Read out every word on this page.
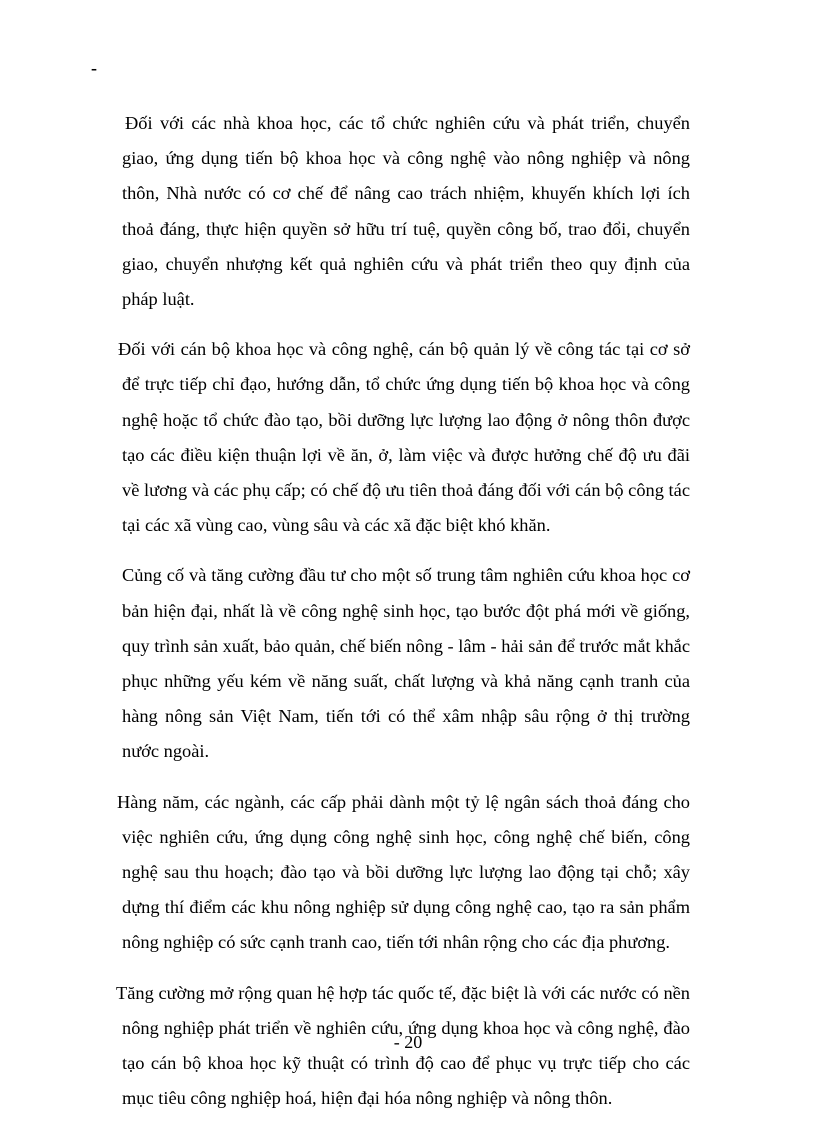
-

Đối với các nhà khoa học, các tổ chức nghiên cứu và phát triển, chuyển giao, ứng dụng tiến bộ khoa học và công nghệ vào nông nghiệp và nông thôn, Nhà nước có cơ chế để nâng cao trách nhiệm, khuyến khích lợi ích thoả đáng, thực hiện quyền sở hữu trí tuệ, quyền công bố, trao đổi, chuyển giao, chuyển nhượng kết quả nghiên cứu và phát triển theo quy định của pháp luật.

Đối với cán bộ khoa học và công nghệ, cán bộ quản lý về công tác tại cơ sở để trực tiếp chỉ đạo, hướng dẫn, tổ chức ứng dụng tiến bộ khoa học và công nghệ hoặc tổ chức đào tạo, bồi dưỡng lực lượng lao động ở nông thôn được tạo các điều kiện thuận lợi về ăn, ở, làm việc và được hưởng chế độ ưu đãi về lương và các phụ cấp; có chế độ ưu tiên thoả đáng đối với cán bộ công tác tại các xã vùng cao, vùng sâu và các xã đặc biệt khó khăn.

Củng cố và tăng cường đầu tư cho một số trung tâm nghiên cứu khoa học cơ bản hiện đại, nhất là về công nghệ sinh học, tạo bước đột phá mới về giống, quy trình sản xuất, bảo quản, chế biến nông - lâm - hải sản để trước mắt khắc phục những yếu kém về năng suất, chất lượng và khả năng cạnh tranh của hàng nông sản Việt Nam, tiến tới có thể xâm nhập sâu rộng ở thị trường nước ngoài.

Hàng năm, các ngành, các cấp phải dành một tỷ lệ ngân sách thoả đáng cho việc nghiên cứu, ứng dụng công nghệ sinh học, công nghệ chế biến, công nghệ sau thu hoạch; đào tạo và bồi dưỡng lực lượng lao động tại chỗ; xây dựng thí điểm các khu nông nghiệp sử dụng công nghệ cao, tạo ra sản phẩm nông nghiệp có sức cạnh tranh cao, tiến tới nhân rộng cho các địa phương.

Tăng cường mở rộng quan hệ hợp tác quốc tế, đặc biệt là với các nước có nền nông nghiệp phát triển về nghiên cứu, ứng dụng khoa học và công nghệ, đào tạo cán bộ khoa học kỹ thuật có trình độ cao để phục vụ trực tiếp cho các mục tiêu công nghiệp hoá, hiện đại hóa nông nghiệp và nông thôn.

- 20
